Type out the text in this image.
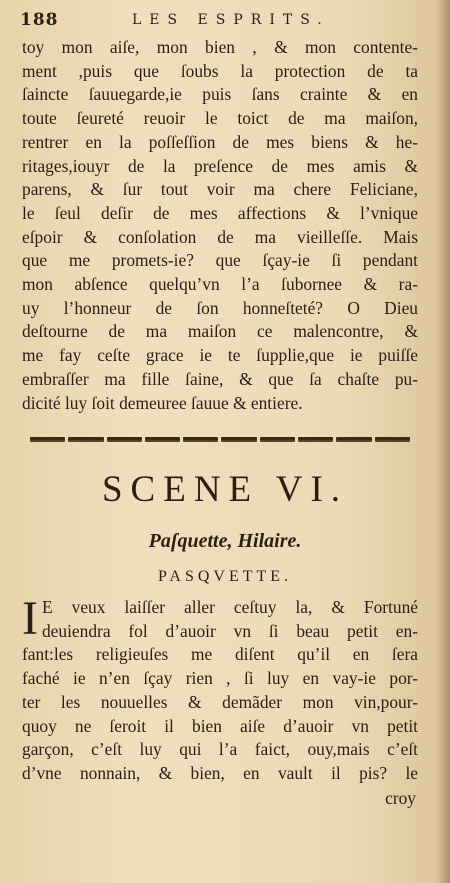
188	LES ESPRITS.
toy mon aiſe, mon bien , & mon contente-
ment ,puis que ſoubs la protection de ta
ſaincte ſauuegarde,ie puis ſans crainte & en
toute ſeureté reuoir le toict de ma maiſon,
rentrer en la poſſeſſion de mes biens & he-
ritages,iouyr de la preſence de mes amis &
parens, & ſur tout voir ma chere Feliciane,
le ſeul deſir de mes affections & l’vnique
eſpoir & conſolation de ma vieilleſſe. Mais
que me promets-ie? que ſçay-ie ſi pendant
mon abſence quelqu’vn l’a ſubornee & ra-
uy l’honneur de ſon honneſteté? O Dieu
deſtourne de ma maiſon ce malencontre, &
me fay ceſte grace ie te ſupplie,que ie puiſſe
embraſſer ma fille ſaine, & que ſa chaſte pu-
dicité luy ſoit demeuree ſauue & entiere.
SCENE VI.
Paſquette, Hilaire.
PASQVETTE.
I E veux laiſſer aller ceſtuy la, & Fortuné
deuiendra fol d’auoir vn ſi beau petit en-
fant:les religieuſes me diſent qu’il en ſera
faché ie n’en ſçay rien , ſi luy en vay-ie por-
ter les nouuelles & demãder mon vin,pour-
quoy ne ſeroit il bien aiſe d’auoir vn petit
garçon, c’eſt luy qui l’a faict, ouy,mais c’eſt
d’vne nonnain, & bien, en vault il pis? le
croy
